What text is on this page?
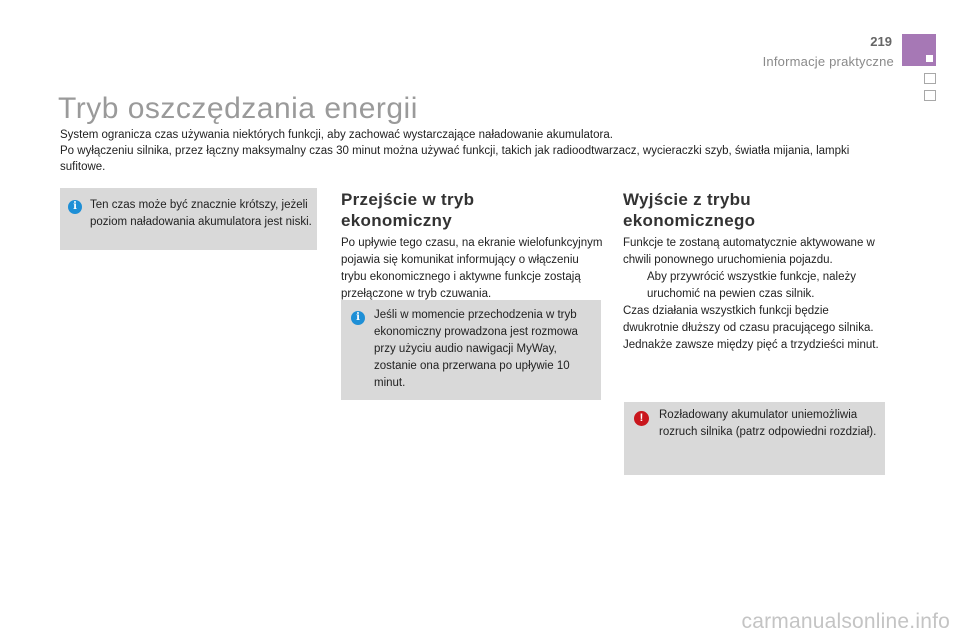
219
Informacje praktyczne
Tryb oszczędzania energii

System ogranicza czas używania niektórych funkcji, aby zachować wystarczające naładowanie akumulatora.

Po wyłączeniu silnika, przez łączny maksymalny czas 30 minut można używać funkcji, takich jak radioodtwarzacz, wycieraczki szyb, światła mijania, lampki sufitowe.

i	Ten czas może być znacznie krótszy, jeżeli poziom naładowania akumulatora jest niski.

Przejście w tryb ekonomiczny

Po upływie tego czasu, na ekranie wielofunkcyjnym pojawia się komunikat informujący o włączeniu trybu ekonomicznego i aktywne funkcje zostają przełączone w tryb czuwania.

i	Jeśli w momencie przechodzenia w tryb ekonomiczny prowadzona jest rozmowa przy użyciu audio nawigacji MyWay, zostanie ona przerwana po upływie 10 minut.

Wyjście z trybu ekonomicznego

Funkcje te zostaną automatycznie aktywowane w chwili ponownego uruchomienia pojazdu.

Aby przywrócić wszystkie funkcje, należy uruchomić na pewien czas silnik.

Czas działania wszystkich funkcji będzie dwukrotnie dłuższy od czasu pracującego silnika. Jednakże zawsze między pięć a trzydzieści minut.

!	Rozładowany akumulator uniemożliwia rozruch silnika (patrz odpowiedni rozdział).

carmanualsonline.info
